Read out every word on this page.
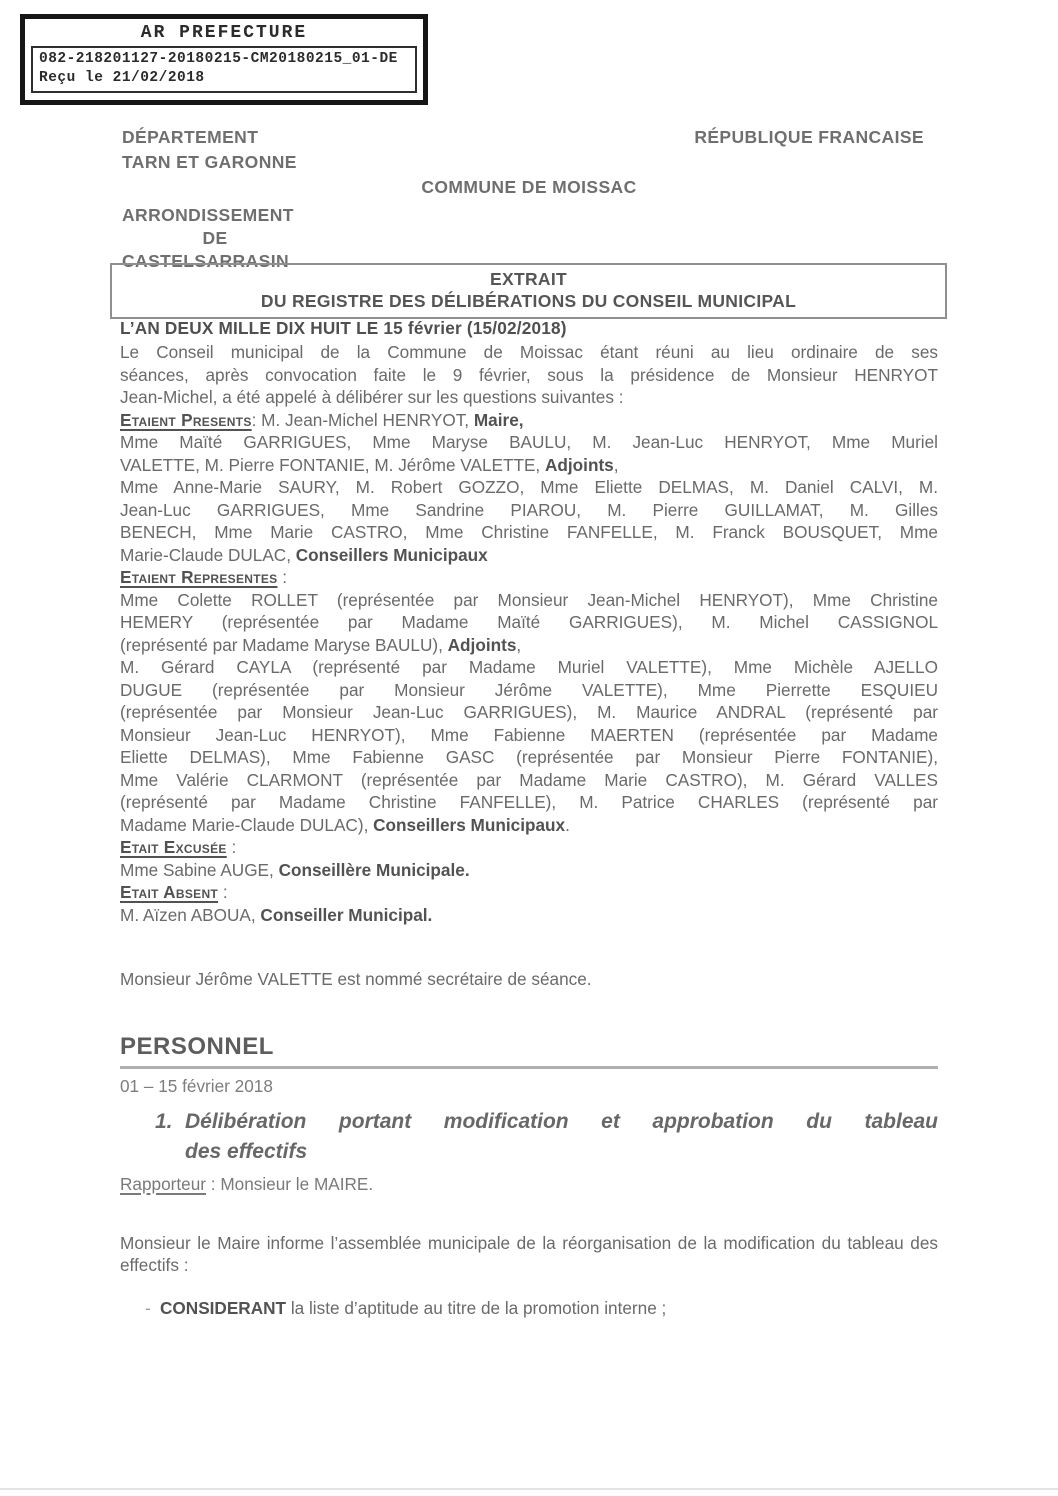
AR PREFECTURE
082-218201127-20180215-CM20180215_01-DE
Reçu le 21/02/2018
DÉPARTEMENT
TARN ET GARONNE
RÉPUBLIQUE FRANCAISE
COMMUNE DE MOISSAC
ARRONDISSEMENT
DE
CASTELSARRASIN
EXTRAIT
DU REGISTRE DES DÉLIBÉRATIONS DU CONSEIL MUNICIPAL
L’AN DEUX MILLE DIX HUIT LE 15 février (15/02/2018)

Le Conseil municipal de la Commune de Moissac étant réuni au lieu ordinaire de ses
séances, après convocation faite le 9 février, sous la présidence de Monsieur HENRYOT
Jean-Michel, a été appelé à délibérer sur les questions suivantes :

Etaient Presents: M. Jean-Michel HENRYOT, Maire,

Mme Maïté GARRIGUES, Mme Maryse BAULU, M. Jean-Luc HENRYOT, Mme Muriel
VALETTE, M. Pierre FONTANIE, M. Jérôme VALETTE, Adjoints,

Mme Anne-Marie SAURY, M. Robert GOZZO, Mme Eliette DELMAS, M. Daniel CALVI, M.
Jean-Luc GARRIGUES, Mme Sandrine PIAROU, M. Pierre GUILLAMAT, M. Gilles
BENECH, Mme Marie CASTRO, Mme Christine FANFELLE, M. Franck BOUSQUET, Mme
Marie-Claude DULAC, Conseillers Municipaux

Etaient Representes :

Mme Colette ROLLET (représentée par Monsieur Jean-Michel HENRYOT), Mme Christine
HEMERY (représentée par Madame Maïté GARRIGUES), M. Michel CASSIGNOL
(représenté par Madame Maryse BAULU), Adjoints,

M. Gérard CAYLA (représenté par Madame Muriel VALETTE), Mme Michèle AJELLO
DUGUE (représentée par Monsieur Jérôme VALETTE), Mme Pierrette ESQUIEU
(représentée par Monsieur Jean-Luc GARRIGUES), M. Maurice ANDRAL (représenté par
Monsieur Jean-Luc HENRYOT), Mme Fabienne MAERTEN (représentée par Madame
Eliette DELMAS), Mme Fabienne GASC (représentée par Monsieur Pierre FONTANIE),
Mme Valérie CLARMONT (représentée par Madame Marie CASTRO), M. Gérard VALLES
(représenté par Madame Christine FANFELLE), M. Patrice CHARLES (représenté par
Madame Marie-Claude DULAC), Conseillers Municipaux.

Etait Excusée :

Mme Sabine AUGE, Conseillère Municipale.

Etait Absent :

M. Aïzen ABOUA, Conseiller Municipal.

Monsieur Jérôme VALETTE est nommé secrétaire de séance.
PERSONNEL
01 – 15 février 2018
1. Délibération portant modification et approbation du tableau
des effectifs
Rapporteur : Monsieur le MAIRE.

Monsieur le Maire informe l’assemblée municipale de la réorganisation de la modification du tableau des effectifs :

- CONSIDERANT la liste d’aptitude au titre de la promotion interne ;
